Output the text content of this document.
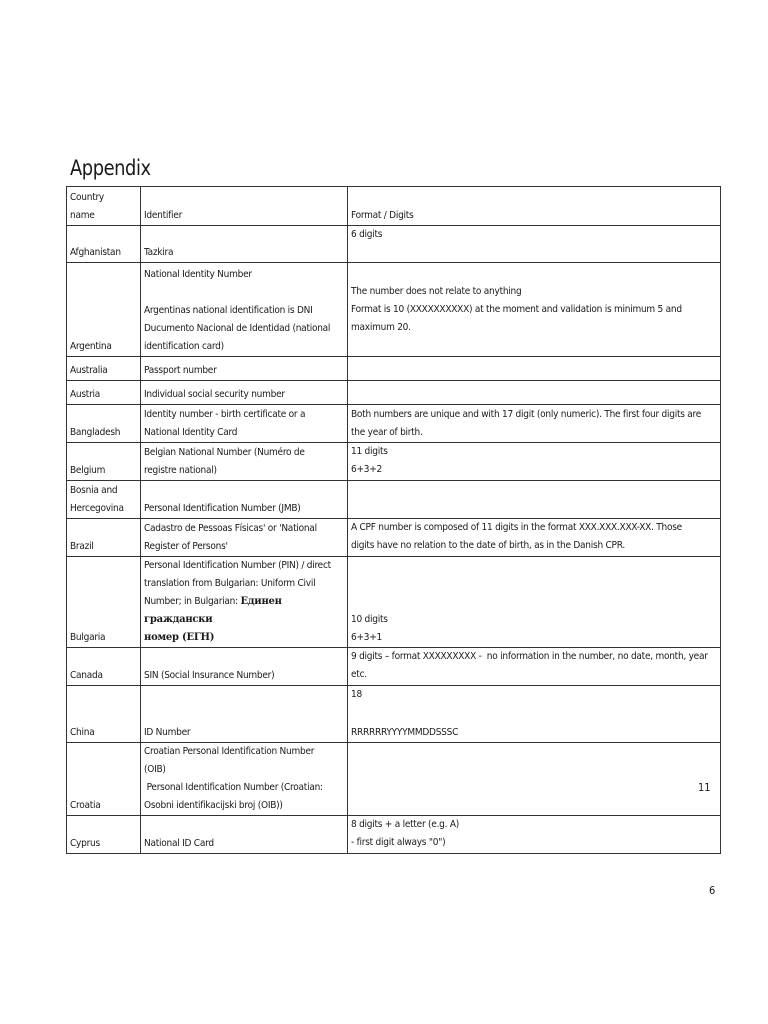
Appendix
Country
name	Identifier	Format / Digits
Afghanistan	Tazkira	6 digits
Argentina	National Identity Number

Argentinas national identification is DNI
Ducumento Nacional de Identidad (national
identification card)	The number does not relate to anything
Format is 10 (XXXXXXXXXX) at the moment and validation is minimum 5 and
maximum 20.
Australia	Passport number	
Austria	Individual social security number	
Bangladesh	Identity number - birth certificate or a
National Identity Card	Both numbers are unique and with 17 digit (only numeric). The first four digits are
the year of birth.
Belgium	Belgian National Number (Numéro de
registre national)	11 digits
6+3+2
Bosnia and
Hercegovina	Personal Identification Number (JMB)	
Brazil	Cadastro de Pessoas Físicas' or 'National
Register of Persons'	A CPF number is composed of 11 digits in the format XXX.XXX.XXX-XX. Those
digits have no relation to the date of birth, as in the Danish CPR.
Bulgaria	Personal Identification Number (PIN) / direct
translation from Bulgarian: Uniform Civil
Number; in Bulgarian: Единен граждански
номер (ЕГН)	10 digits
6+3+1
Canada	SIN (Social Insurance Number)	9 digits – format XXXXXXXXX -  no information in the number, no date, month, year
etc.
China	ID Number	18
RRRRRRYYYYMMDDSSSC
Croatia	Croatian Personal Identification Number
(OIB)
Personal Identification Number (Croatian:
Osobni identifikacijski broj (OIB))	
Cyprus	National ID Card	8 digits + a letter (e.g. A)
- first digit always "0")
11
6
